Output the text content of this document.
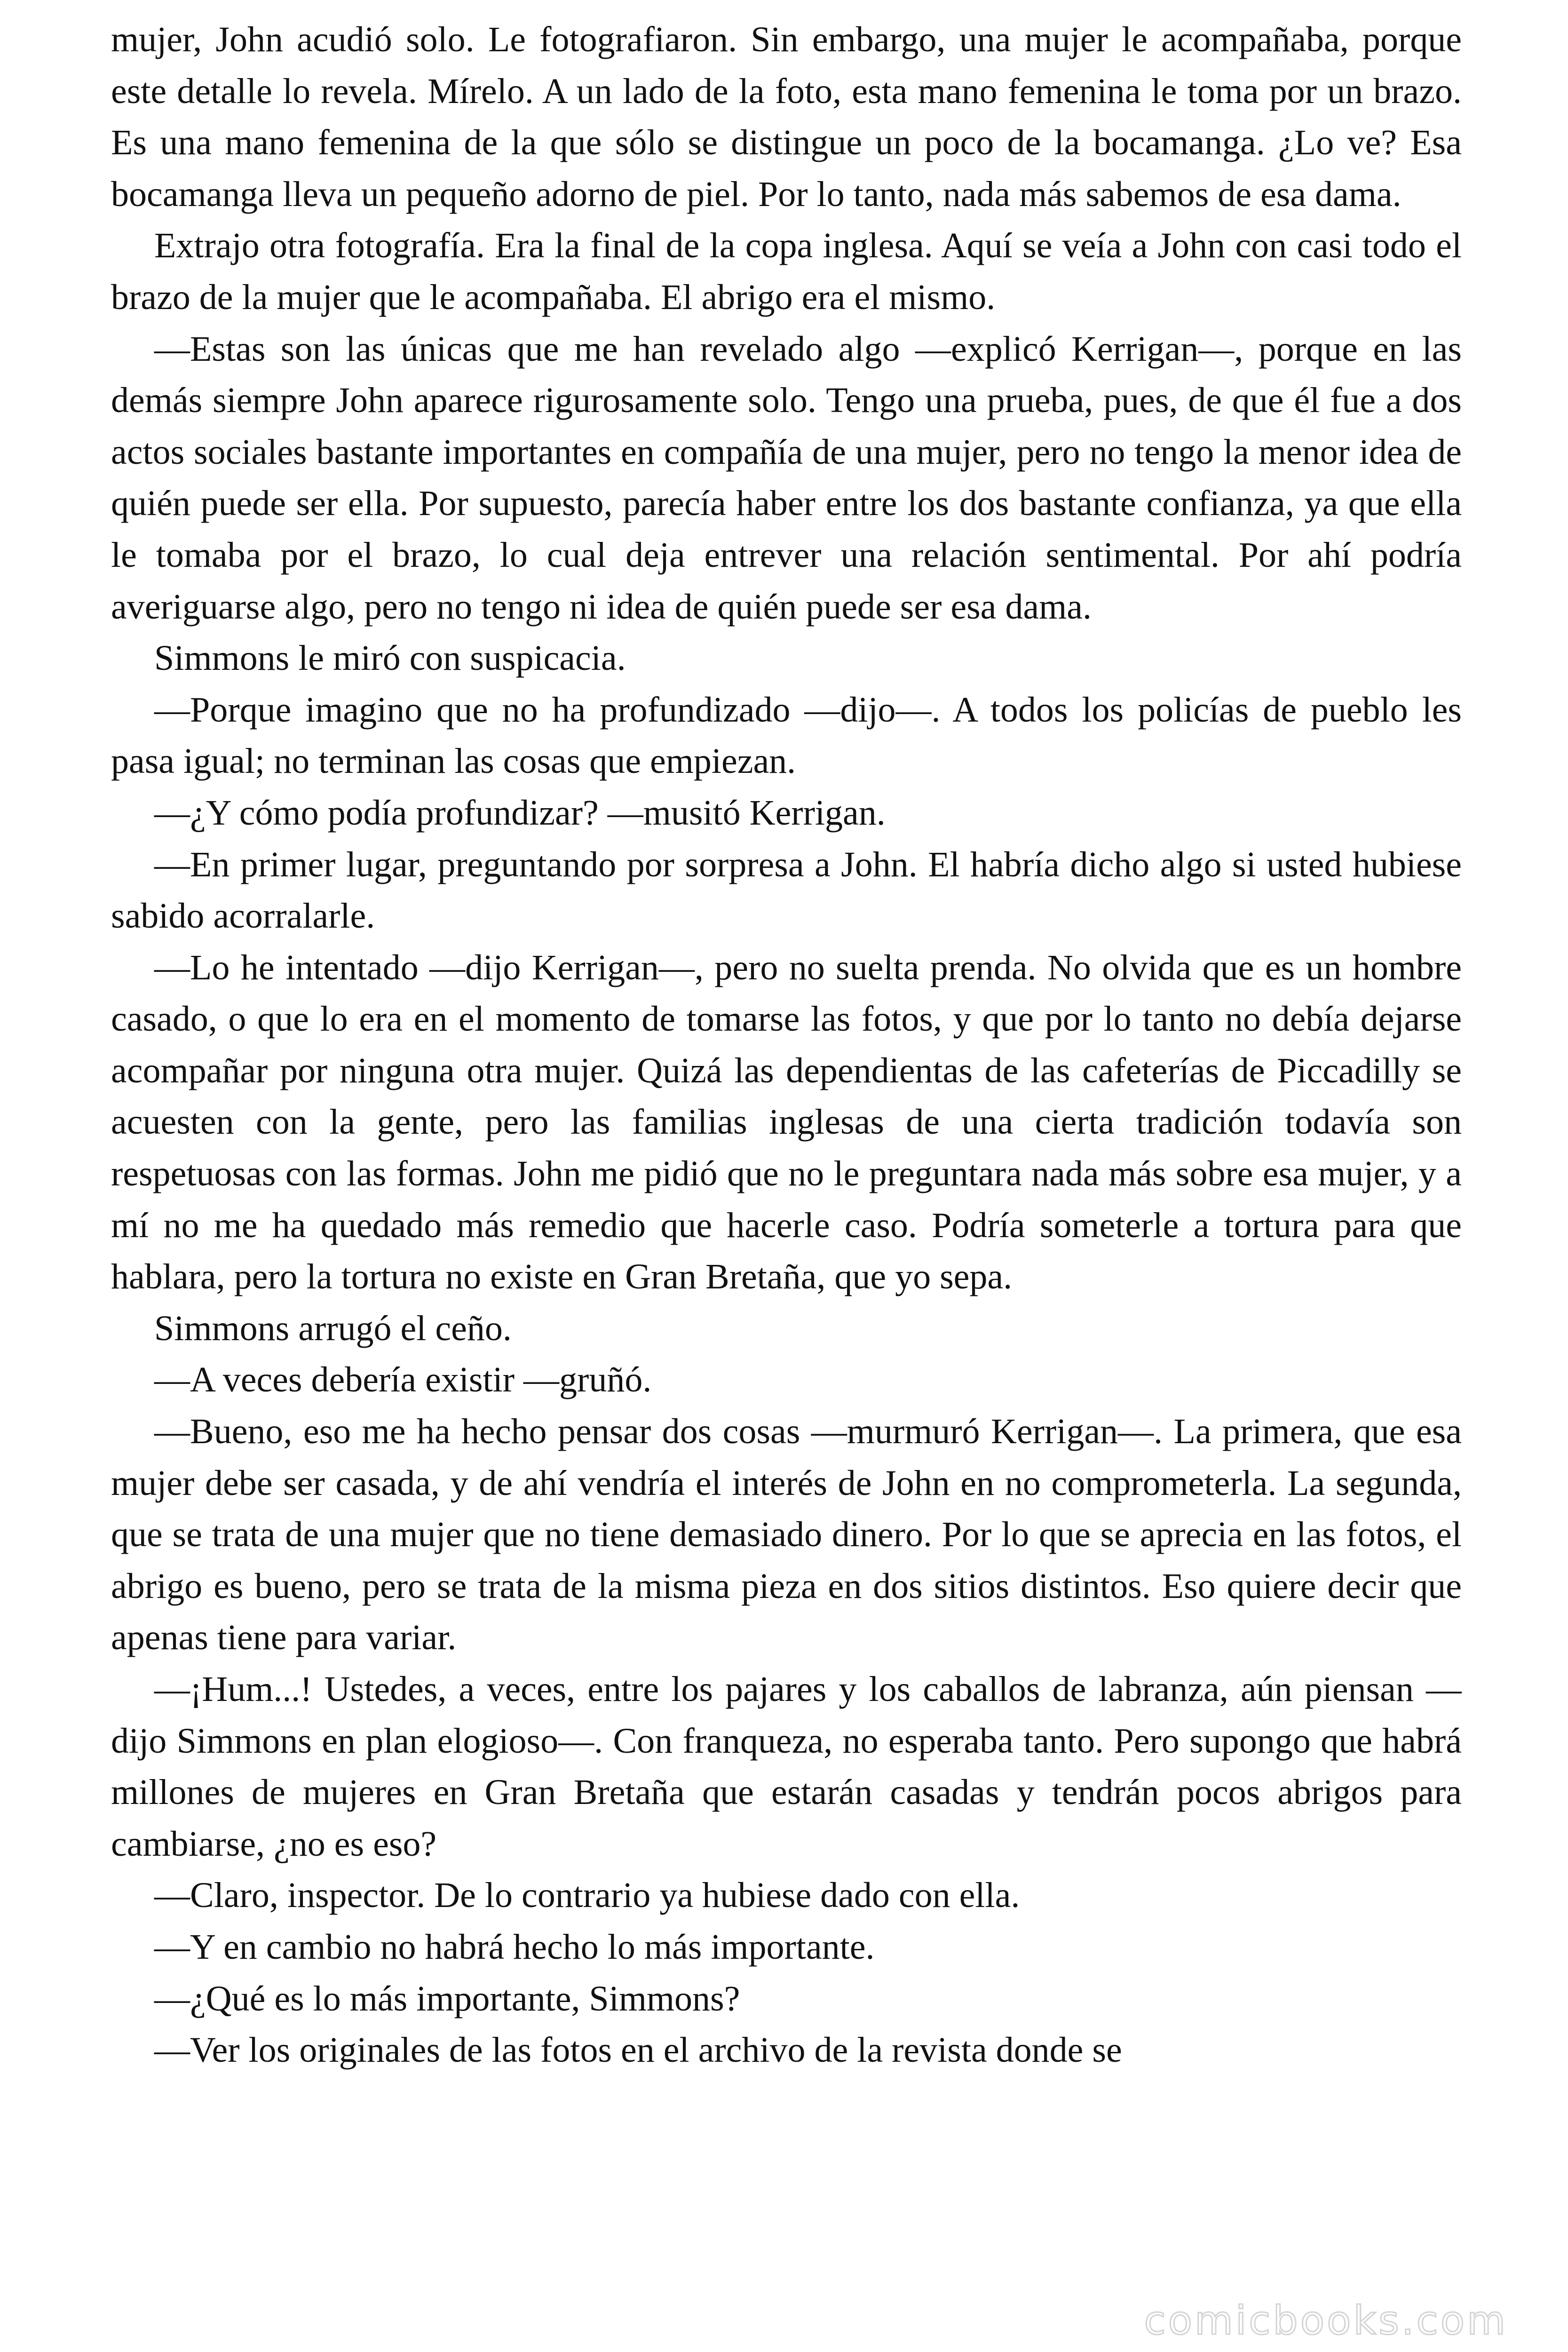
mujer, John acudió solo. Le fotografiaron. Sin embargo, una mujer le acompañaba, porque este detalle lo revela. Mírelo. A un lado de la foto, esta mano femenina le toma por un brazo. Es una mano femenina de la que sólo se distingue un poco de la bocamanga. ¿Lo ve? Esa bocamanga lleva un pequeño adorno de piel. Por lo tanto, nada más sabemos de esa dama.

Extrajo otra fotografía. Era la final de la copa inglesa. Aquí se veía a John con casi todo el brazo de la mujer que le acompañaba. El abrigo era el mismo.

—Estas son las únicas que me han revelado algo —explicó Kerrigan—, porque en las demás siempre John aparece rigurosamente solo. Tengo una prueba, pues, de que él fue a dos actos sociales bastante importantes en compañía de una mujer, pero no tengo la menor idea de quién puede ser ella. Por supuesto, parecía haber entre los dos bastante confianza, ya que ella le tomaba por el brazo, lo cual deja entrever una relación sentimental. Por ahí podría averiguarse algo, pero no tengo ni idea de quién puede ser esa dama.

Simmons le miró con suspicacia.

—Porque imagino que no ha profundizado —dijo—. A todos los policías de pueblo les pasa igual; no terminan las cosas que empiezan.

—¿Y cómo podía profundizar? —musitó Kerrigan.

—En primer lugar, preguntando por sorpresa a John. El habría dicho algo si usted hubiese sabido acorralarle.

—Lo he intentado —dijo Kerrigan—, pero no suelta prenda. No olvida que es un hombre casado, o que lo era en el momento de tomarse las fotos, y que por lo tanto no debía dejarse acompañar por ninguna otra mujer. Quizá las dependientas de las cafeterías de Piccadilly se acuesten con la gente, pero las familias inglesas de una cierta tradición todavía son respetuosas con las formas. John me pidió que no le preguntara nada más sobre esa mujer, y a mí no me ha quedado más remedio que hacerle caso. Podría someterle a tortura para que hablara, pero la tortura no existe en Gran Bretaña, que yo sepa.

Simmons arrugó el ceño.

—A veces debería existir —gruñó.

—Bueno, eso me ha hecho pensar dos cosas —murmuró Kerrigan—. La primera, que esa mujer debe ser casada, y de ahí vendría el interés de John en no comprometerla. La segunda, que se trata de una mujer que no tiene demasiado dinero. Por lo que se aprecia en las fotos, el abrigo es bueno, pero se trata de la misma pieza en dos sitios distintos. Eso quiere decir que apenas tiene para variar.

—¡Hum...! Ustedes, a veces, entre los pajares y los caballos de labranza, aún piensan —dijo Simmons en plan elogioso—. Con franqueza, no esperaba tanto. Pero supongo que habrá millones de mujeres en Gran Bretaña que estarán casadas y tendrán pocos abrigos para cambiarse, ¿no es eso?

—Claro, inspector. De lo contrario ya hubiese dado con ella.

—Y en cambio no habrá hecho lo más importante.

—¿Qué es lo más importante, Simmons?

—Ver los originales de las fotos en el archivo de la revista donde se

comicbooks.com
